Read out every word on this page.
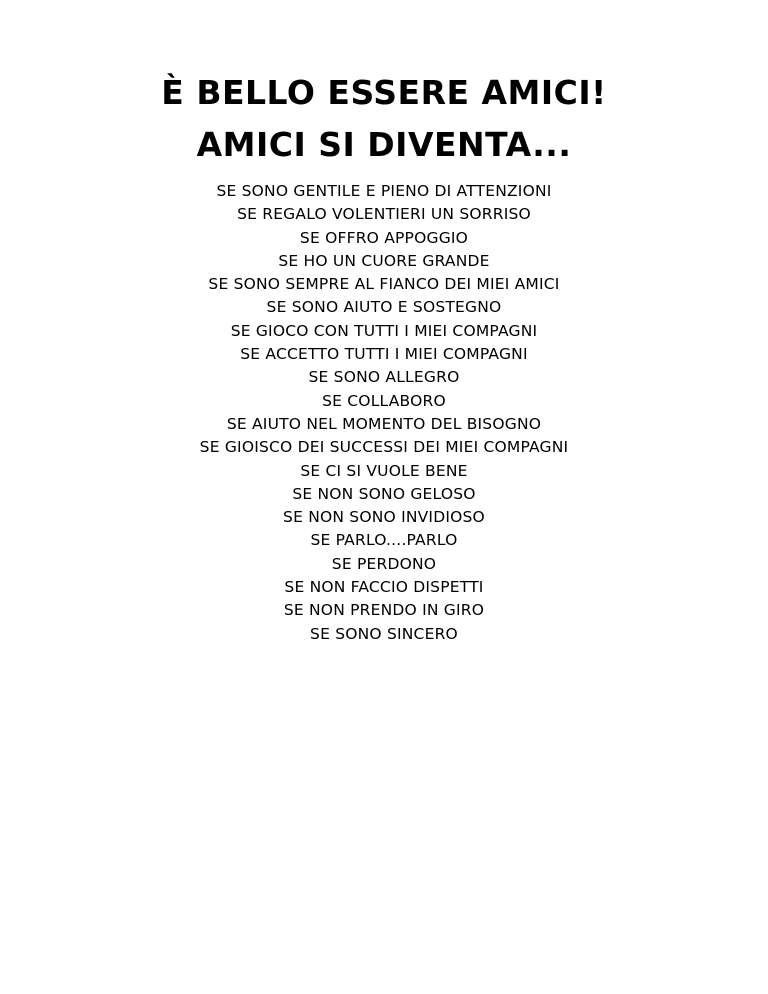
È BELLO ESSERE AMICI!
AMICI SI DIVENTA...
SE SONO GENTILE E PIENO DI ATTENZIONI
SE REGALO VOLENTIERI UN SORRISO
SE OFFRO APPOGGIO
SE HO UN CUORE GRANDE
SE SONO SEMPRE AL FIANCO DEI MIEI AMICI
SE SONO AIUTO E SOSTEGNO
SE GIOCO CON TUTTI I MIEI COMPAGNI
SE ACCETTO TUTTI I MIEI COMPAGNI
SE SONO ALLEGRO
SE COLLABORO
SE AIUTO NEL MOMENTO DEL BISOGNO
SE GIOISCO DEI SUCCESSI DEI MIEI COMPAGNI
SE CI SI VUOLE BENE
SE NON SONO GELOSO
SE NON SONO INVIDIOSO
SE PARLO....PARLO
SE PERDONO
SE NON FACCIO DISPETTI
SE NON PRENDO IN GIRO
SE SONO SINCERO
